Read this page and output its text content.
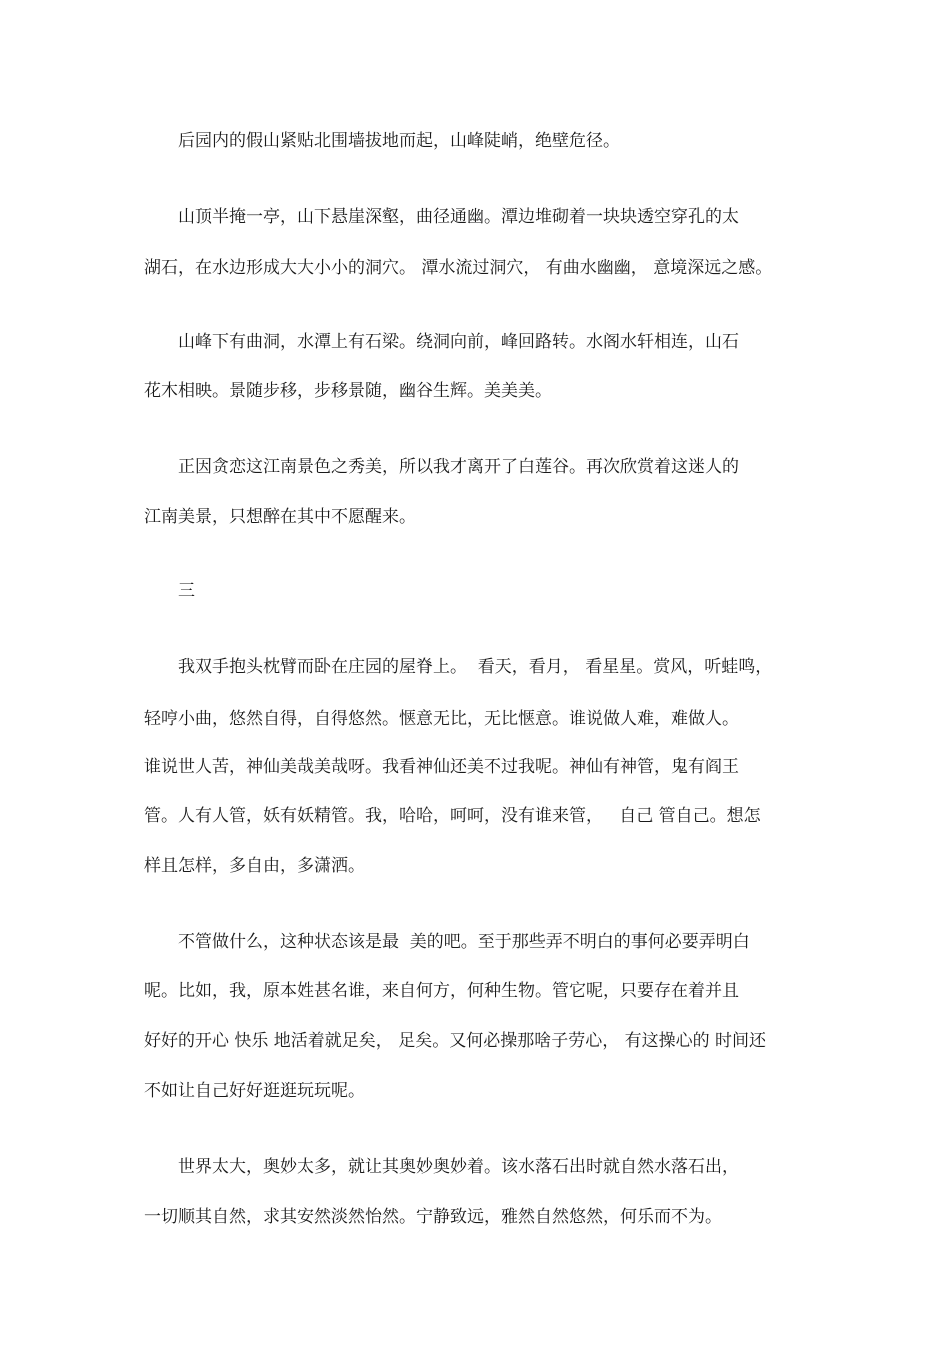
后园内的假山紧贴北围墙拔地而起，山峰陡峭，绝壁危径。
山顶半掩一亭，山下悬崖深壑，曲径通幽。潭边堆砌着一块块透空穿孔的太
湖石，在水边形成大大小小的洞穴。 潭水流过洞穴， 有曲水幽幽， 意境深远之感。
山峰下有曲洞，水潭上有石梁。绕洞向前，峰回路转。水阁水轩相连，山石
花木相映。景随步移，步移景随，幽谷生辉。美美美。
正因贪恋这江南景色之秀美，所以我才离开了白莲谷。再次欣赏着这迷人的
江南美景，只想醉在其中不愿醒来。
三
我双手抱头枕臂而卧在庄园的屋脊上。  看天，看月， 看星星。赏风，听蛙鸣，
轻哼小曲，悠然自得，自得悠然。惬意无比，无比惬意。谁说做人难，难做人。
谁说世人苦，神仙美哉美哉呀。我看神仙还美不过我呢。神仙有神管，鬼有阎王
管。人有人管，妖有妖精管。我，哈哈，呵呵，没有谁来管，   自己 管自己。想怎
样且怎样，多自由，多潇洒。
不管做什么，这种状态该是最  美的吧。至于那些弄不明白的事何必要弄明白
呢。比如，我，原本姓甚名谁，来自何方，何种生物。管它呢，只要存在着并且
好好的开心 快乐 地活着就足矣， 足矣。又何必操那啥子劳心， 有这操心的 时间还
不如让自己好好逛逛玩玩呢。
世界太大，奥妙太多，就让其奥妙奥妙着。该水落石出时就自然水落石出，
一切顺其自然，求其安然淡然怡然。宁静致远，雅然自然悠然，何乐而不为。
